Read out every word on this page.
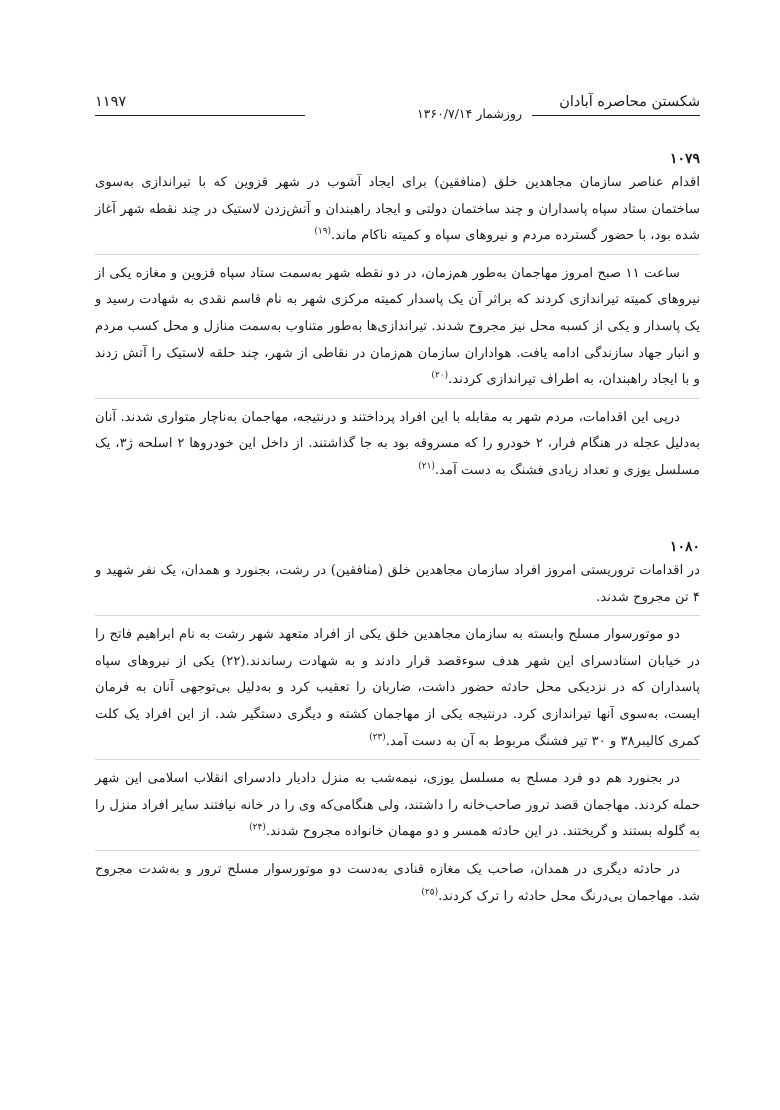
شکستن محاصره آبادان
روزشمار ۱۳۶۰/۷/۱۴
۱۱۹۷

۱۰۷۹

اقدام عناصر سازمان مجاهدین خلق (منافقین) برای ایجاد آشوب در شهر قزوین که با تیراندازی به‌سوی ساختمان ستاد سپاه پاسداران و چند ساختمان دولتی و ایجاد راهبندان و آتش‌زدن لاستیک در چند نقطه شهر آغاز شده بود، با حضور گسترده مردم و نیروهای سپاه و کمیته ناکام ماند.$^{(۱۹)}$

ساعت ۱۱ صبح امروز مهاجمان به‌طور هم‌زمان، در دو نقطه شهر به‌سمت ستاد سپاه قزوین و مغازه یکی از نیروهای کمیته تیراندازی کردند که براثر آن یک پاسدار کمیته مرکزی شهر به نام قاسم نقدی به شهادت رسید و یک پاسدار و یکی از کسبه محل نیز مجروح شدند. تیراندازی‌ها به‌طور متناوب به‌سمت منازل و محل کسب مردم و انبار جهاد سازندگی ادامه یافت. هواداران سازمان هم‌زمان در نقاطی از شهر، چند حلقه لاستیک را آتش زدند و با ایجاد راهبندان، به اطراف تیراندازی کردند.$^{(۲۰)}$

درپی این اقدامات، مردم شهر به مقابله با این افراد پرداختند و درنتیجه، مهاجمان به‌ناچار متواری شدند. آنان به‌دلیل عجله در هنگام فرار، ۲ خودرو را که مسروقه بود به جا گذاشتند. از داخل این خودروها ۲ اسلحه ژ۳، یک مسلسل یوزی و تعداد زیادی فشنگ به دست آمد.$^{(۲۱)}$

۱۰۸۰

در اقدامات تروریستی امروز افراد سازمان مجاهدین خلق (منافقین) در رشت، بجنورد و همدان، یک نفر شهید و ۴ تن مجروح شدند.

دو موتورسوار مسلح وابسته به سازمان مجاهدین خلق یکی از افراد متعهد شهر رشت به نام ابراهیم فاتح را در خیابان استادسرای این شهر هدف سوءقصد قرار دادند و به شهادت رساندند.(۲۲) یکی از نیروهای سپاه پاسداران که در نزدیکی محل حادثه حضور داشت، ضاربان را تعقیب کرد و به‌دلیل بی‌توجهی آنان به فرمان ایست، به‌سوی آنها تیراندازی کرد. درنتیجه یکی از مهاجمان کشته و دیگری دستگیر شد. از این افراد یک کلت کمری کالیبر۳۸ و ۳۰ تیر فشنگ مربوط به آن به دست آمد.$^{(۲۳)}$

در بجنورد هم دو فرد مسلح به مسلسل یوزی، نیمه‌شب به منزل دادیار دادسرای انقلاب اسلامی این شهر حمله کردند. مهاجمان قصد ترور صاحب‌خانه را داشتند، ولی هنگامی‌که وی را در خانه نیافتند سایر افراد منزل را به گلوله بستند و گریختند. در این حادثه همسر و دو مهمان خانواده مجروح شدند.$^{(۲۴)}$

در حادثه دیگری در همدان، صاحب یک مغازه قنادی به‌دست دو موتورسوار مسلح ترور و به‌شدت مجروح شد. مهاجمان بی‌درنگ محل حادثه را ترک کردند.$^{(۲۵)}$
